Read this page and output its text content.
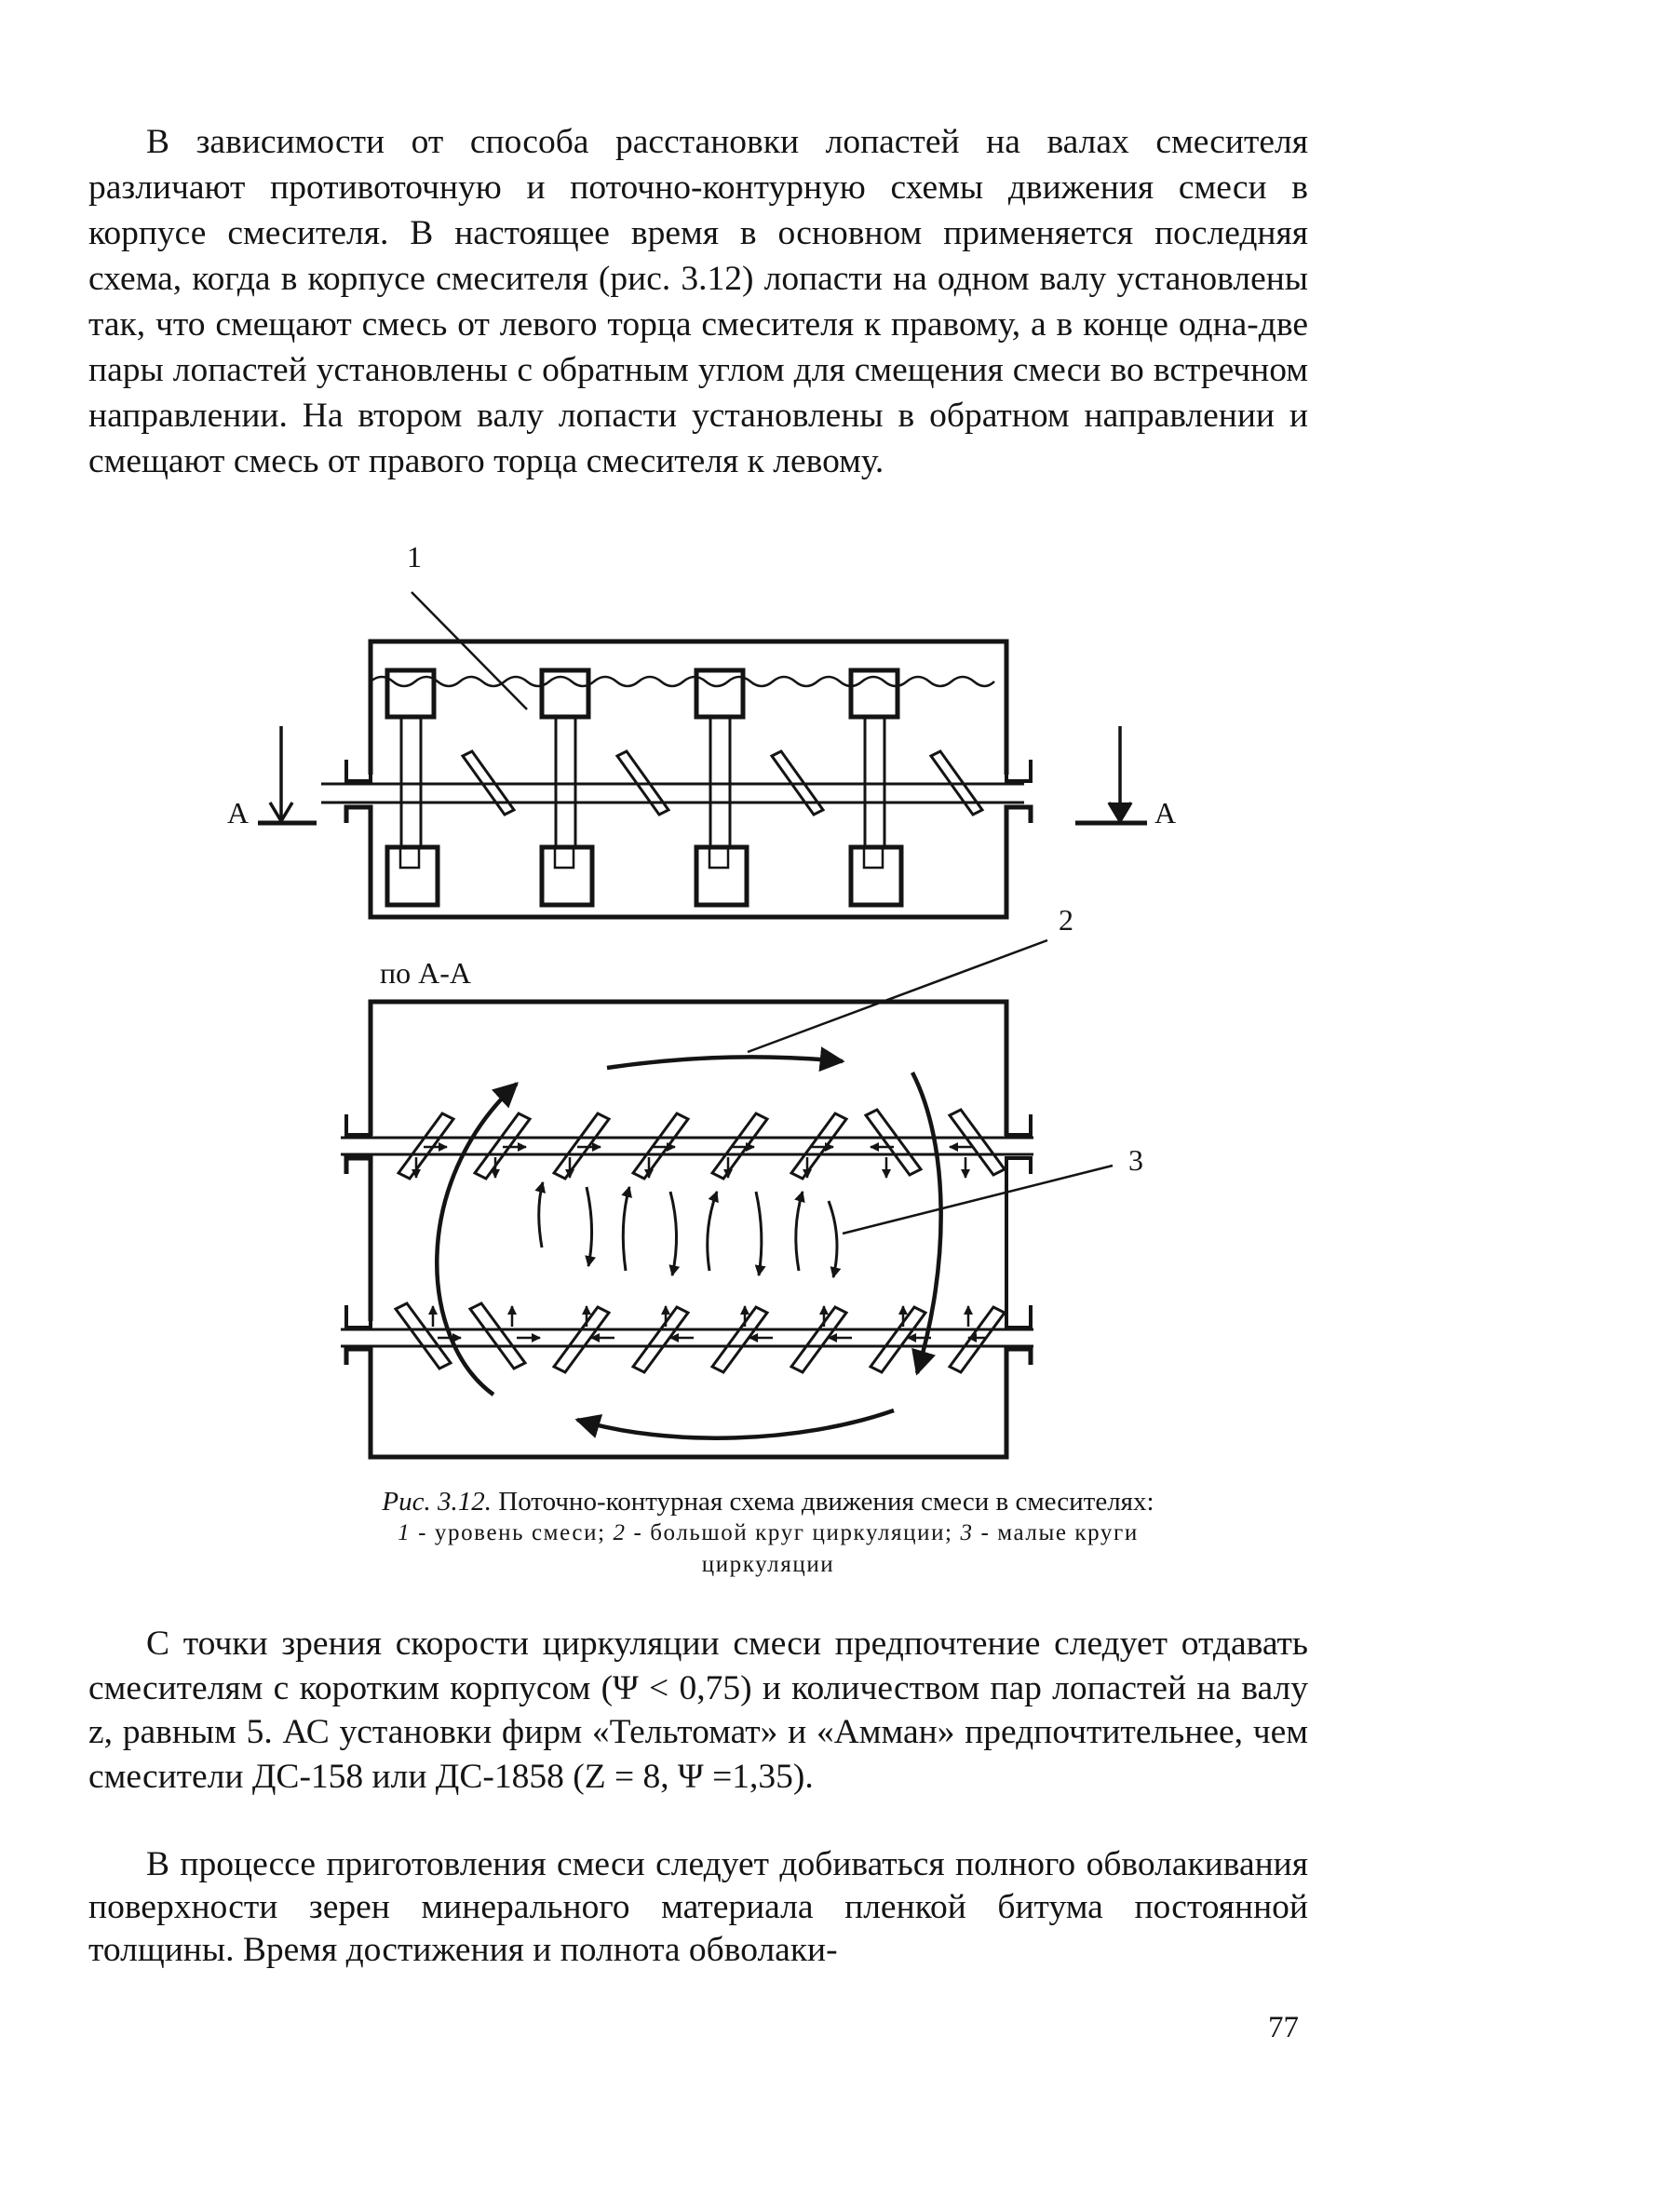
В зависимости от способа расстановки лопастей на валах смесителя различают противоточную и поточно-контурную схемы движения смеси в корпусе смесителя. В настоящее время в основном применяется последняя схема, когда в корпусе смесителя (рис. 3.12) лопасти на одном валу установлены так, что смещают смесь от левого торца смесителя к правому, а в конце одна-две пары лопастей установлены с обратным углом для смещения смеси во встречном направлении. На втором валу лопасти установлены в обратном направлении и смещают смесь от правого торца смесителя к левому.

1
2
3
А	А
по А-А
Рис. 3.12. Поточно-контурная схема движения смеси в смесителях:
1 - уровень смеси; 2 - большой круг циркуляции; 3 - малые круги
циркуляции

С точки зрения скорости циркуляции смеси предпочтение следует отдавать смесителям с коротким корпусом (Ψ < 0,75) и количеством пар лопастей на валу z, равным 5. АС установки фирм «Тельтомат» и «Амман» предпочтительнее, чем смесители ДС-158 или ДС-1858 (Z = 8, Ψ =1,35).

В процессе приготовления смеси следует добиваться полного обволакивания поверхности зерен минерального материала пленкой битума постоянной толщины. Время достижения и полнота обволаки-

77
